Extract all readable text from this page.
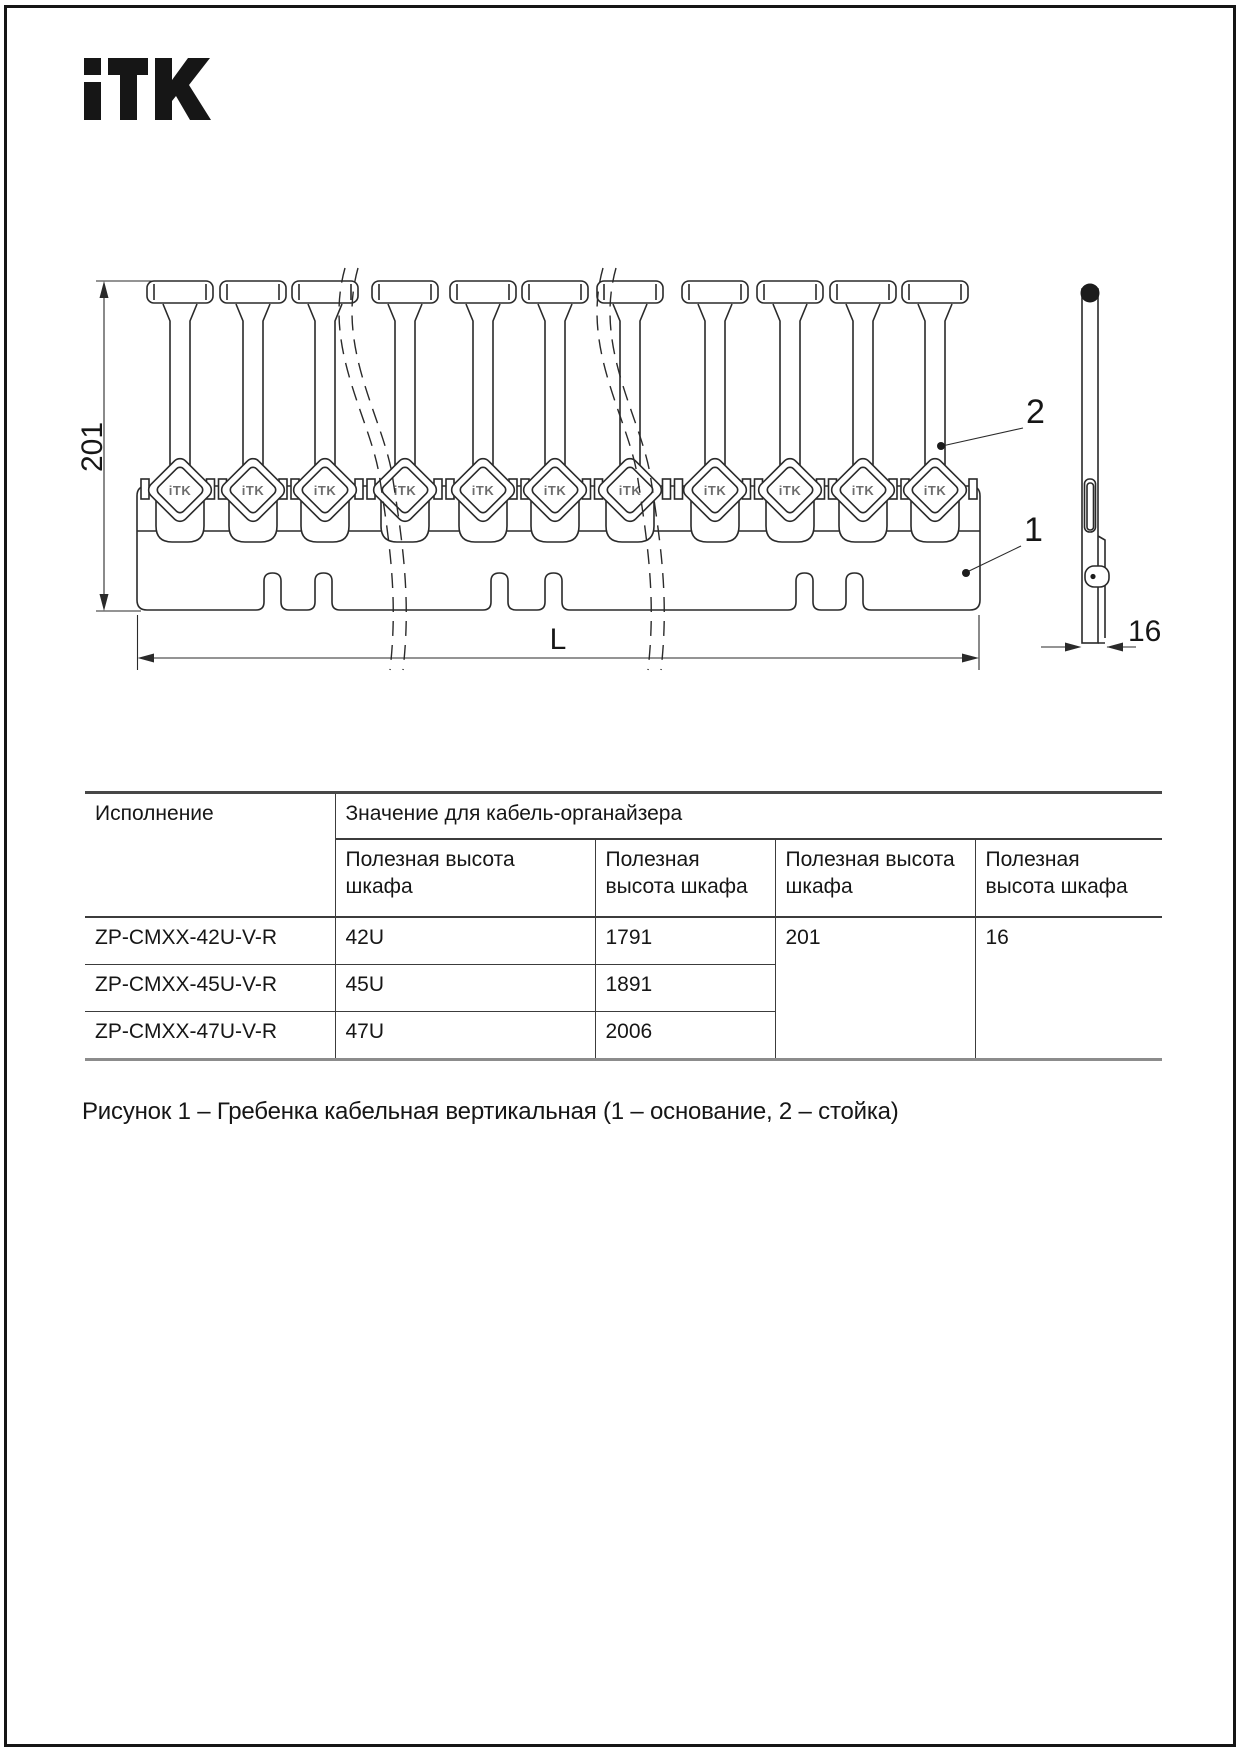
iTK	iTK	iTK	iTK	iTK	iTK	iTK	iTK	iTK	iTK	iTK
201
L	16
2
1
Исполнение	Значение для кабель-органайзера			
	Полезная высота шкафа	Полезная высота шкафа	Полезная высота шкафа	Полезная высота шкафа
ZP-CMXX-42U-V-R	42U	1791	201	16
ZP-CMXX-45U-V-R	45U	1891		
ZP-CMXX-47U-V-R	47U	2006		
Рисунок 1 – Гребенка кабельная вертикальная (1 – основание, 2 – стойка)
